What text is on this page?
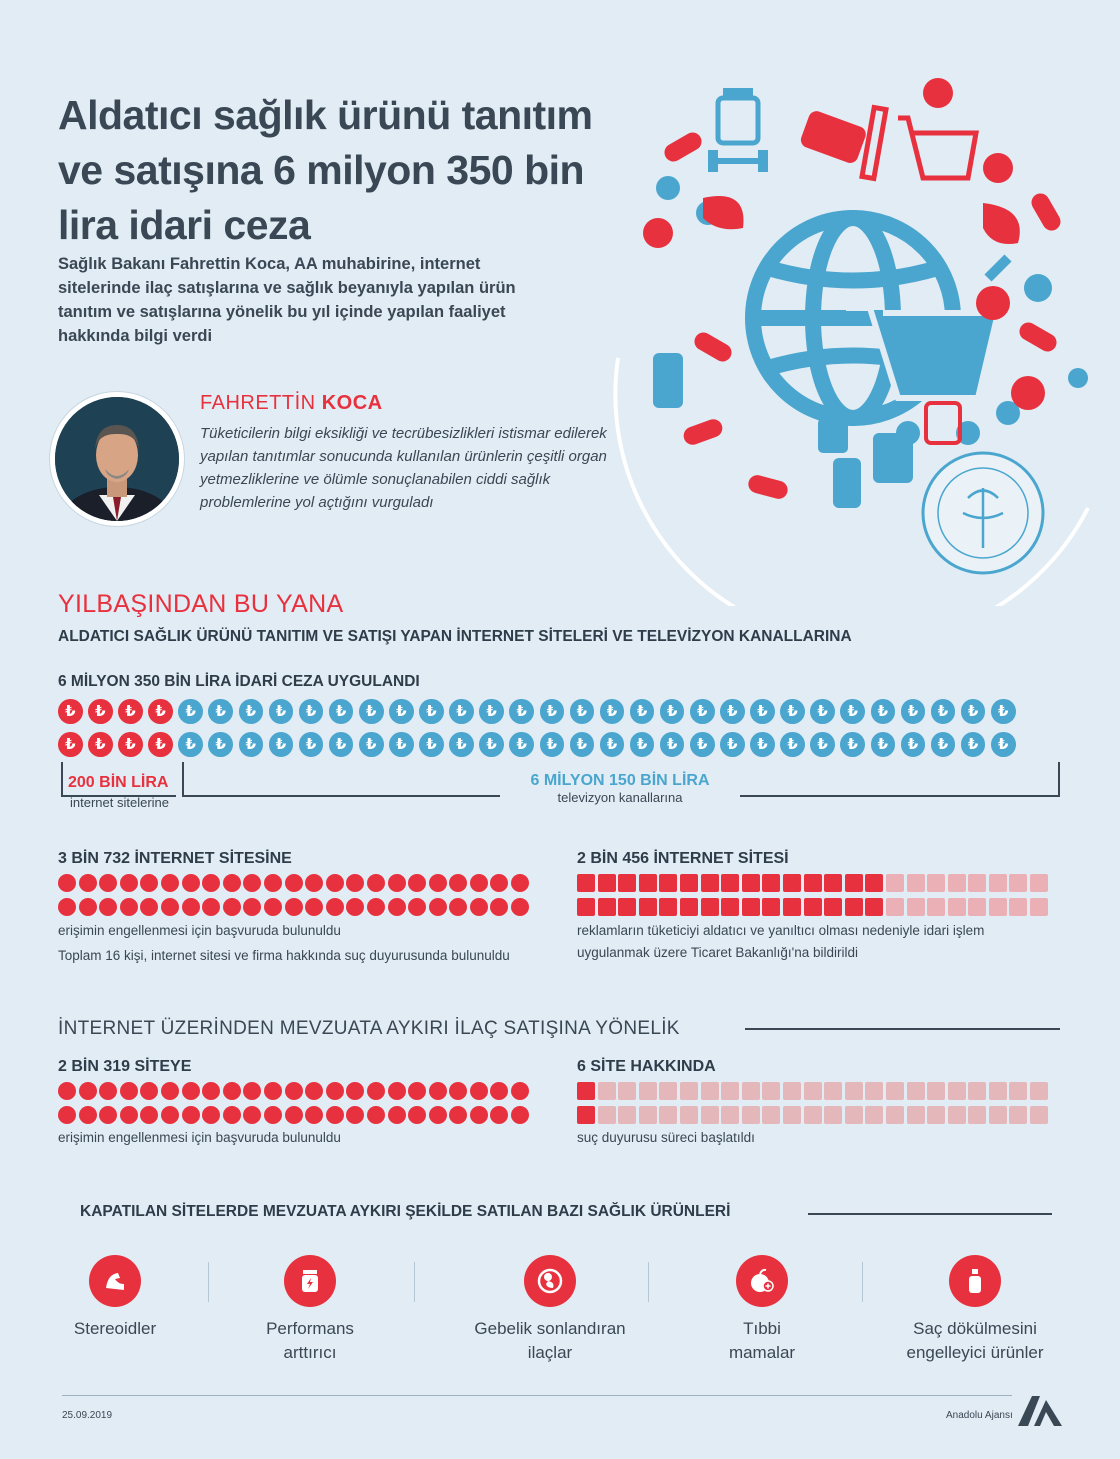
Aldatıcı sağlık ürünü tanıtım ve satışına 6 milyon 350 bin lira idari ceza
Sağlık Bakanı Fahrettin Koca, AA muhabirine, internet sitelerinde ilaç satışlarına ve sağlık beyanıyla yapılan ürün tanıtım ve satışlarına yönelik bu yıl içinde yapılan faaliyet hakkında bilgi verdi
FAHRETTİN KOCA
Tüketicilerin bilgi eksikliği ve tecrübesizlikleri istismar edilerek yapılan tanıtımlar sonucunda kullanılan ürünlerin çeşitli organ yetmezliklerine ve ölümle sonuçlanabilen ciddi sağlık problemlerine yol açtığını vurguladı
YILBAŞINDAN BU YANA
ALDATICI SAĞLIK ÜRÜNÜ TANITIM VE SATIŞI YAPAN İNTERNET SİTELERİ VE TELEVİZYON KANALLARINA
6 MİLYON 350 BİN LİRA İDARİ CEZA UYGULANDI
₺	₺	₺	₺	₺	₺	₺	₺	₺	₺	₺	₺	₺	₺	₺	₺	₺	₺	₺	₺	₺	₺	₺	₺	₺	₺	₺	₺	₺	₺	₺	₺
₺	₺	₺	₺	₺	₺	₺	₺	₺	₺	₺	₺	₺	₺	₺	₺	₺	₺	₺	₺	₺	₺	₺	₺	₺	₺	₺	₺	₺	₺	₺	₺
200 BİN LİRA
internet sitelerine
6 MİLYON 150 BİN LİRA
televizyon kanallarına
3 BİN 732 İNTERNET SİTESİNE
erişimin engellenmesi için başvuruda bulunuldu
Toplam 16 kişi, internet sitesi ve firma hakkında suç duyurusunda bulunuldu
2 BİN 456 İNTERNET SİTESİ
reklamların tüketiciyi aldatıcı ve yanıltıcı olması nedeniyle idari işlem
uygulanmak üzere Ticaret Bakanlığı'na bildirildi
İNTERNET ÜZERİNDEN MEVZUATA AYKIRI İLAÇ SATIŞINA YÖNELİK
2 BİN 319 SİTEYE
erişimin engellenmesi için başvuruda bulunuldu
6 SİTE HAKKINDA
suç duyurusu süreci başlatıldı
KAPATILAN SİTELERDE MEVZUATA AYKIRI ŞEKİLDE SATILAN BAZI SAĞLIK ÜRÜNLERİ
Stereoidler	Performans arttırıcı
Gebelik sonlandıran ilaçlar
Tıbbi mamalar
Saç dökülmesini engelleyici ürünler
25.09.2019	Anadolu Ajansı
